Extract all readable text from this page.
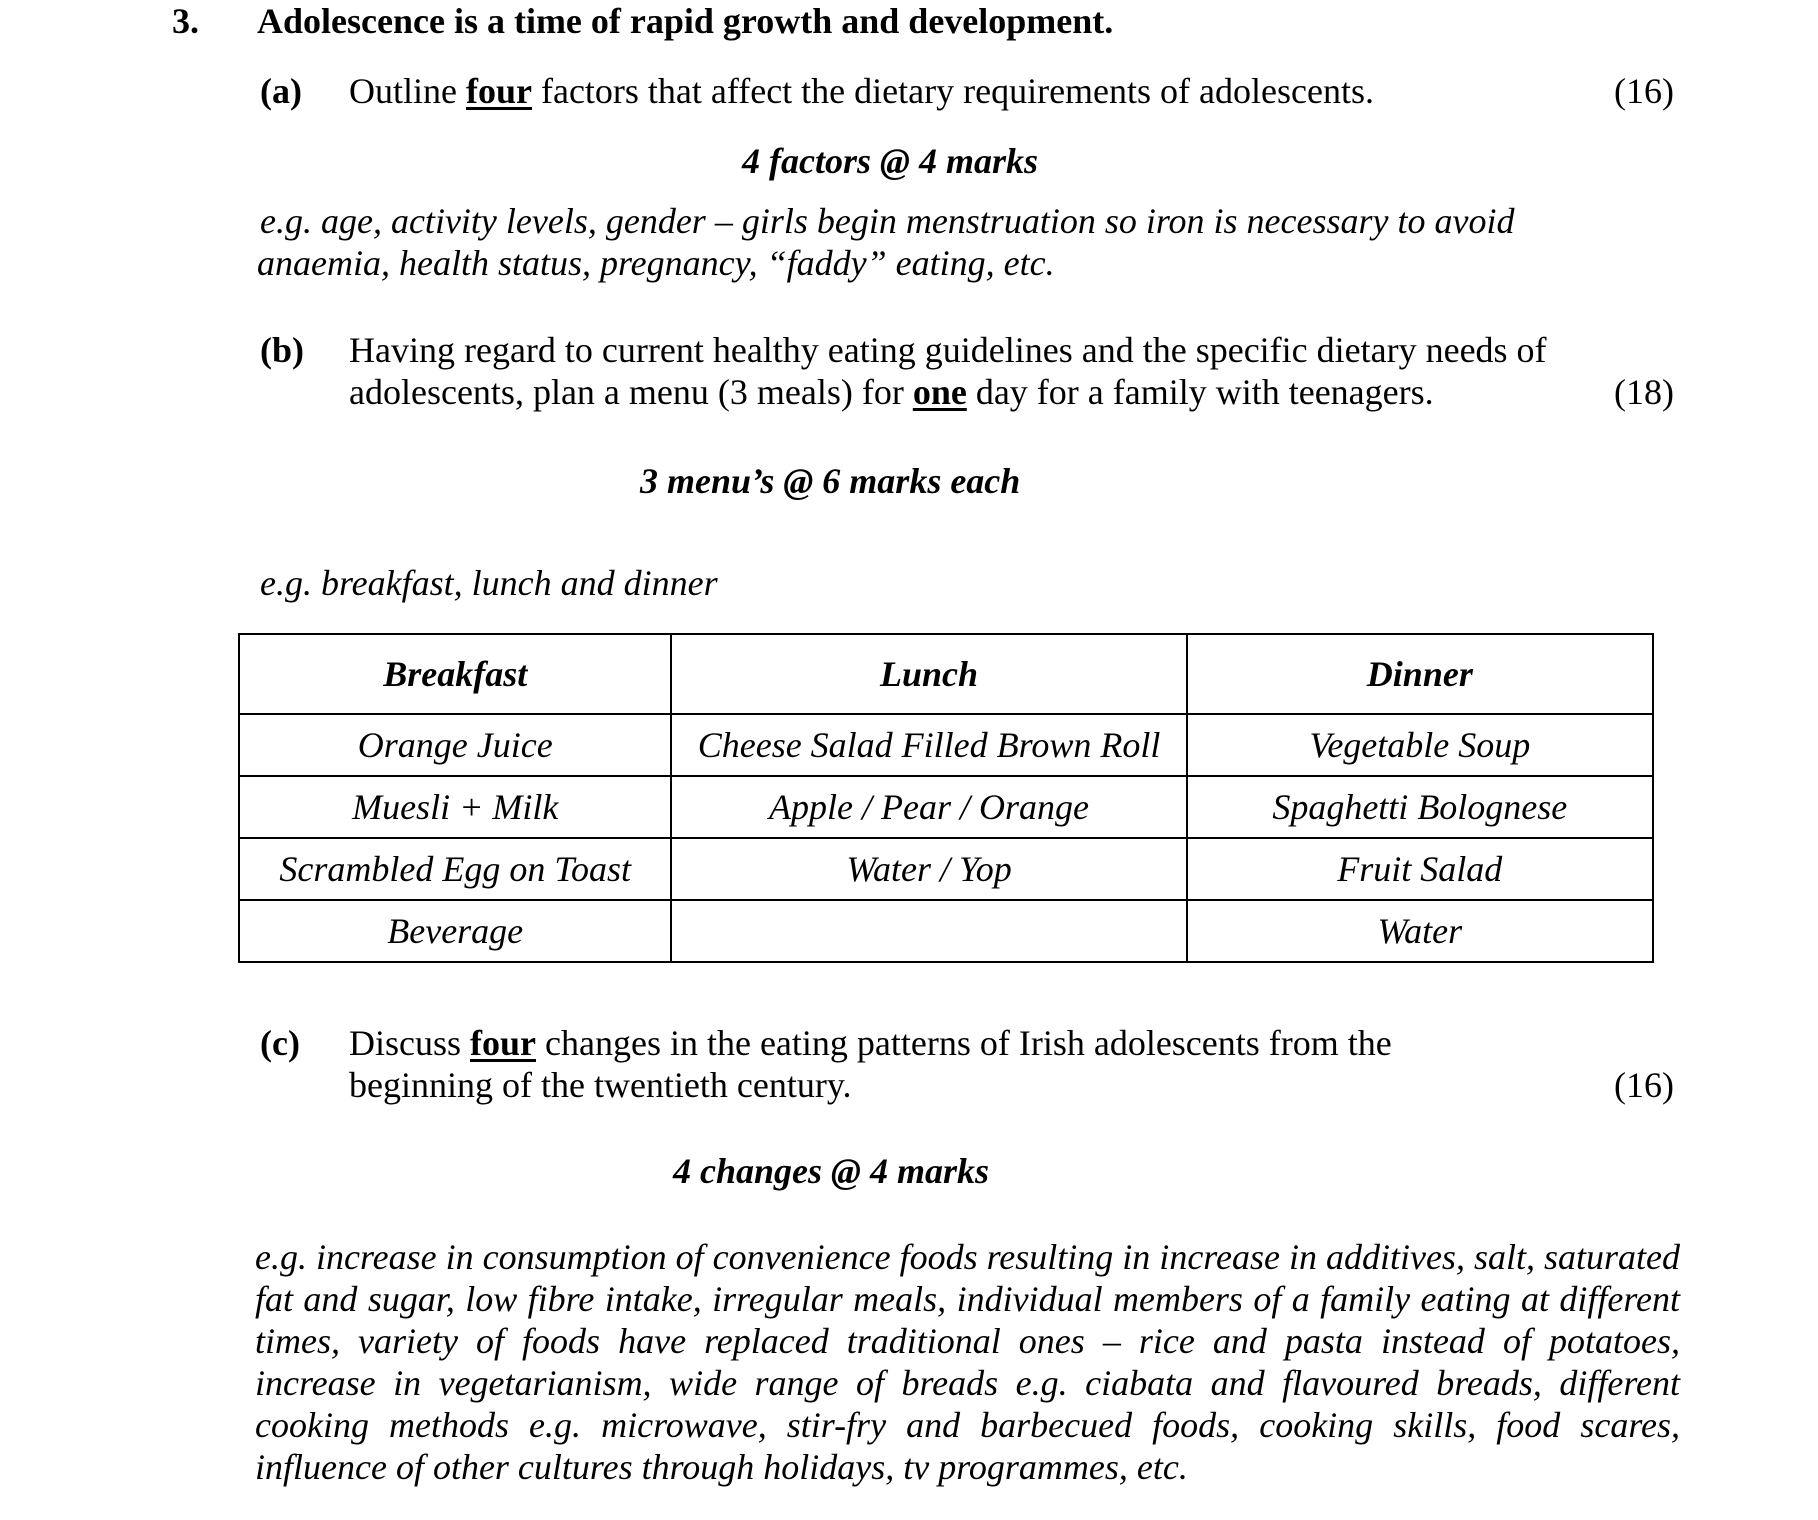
3. Adolescence is a time of rapid growth and development.
(a) Outline four factors that affect the dietary requirements of adolescents.	(16)
4 factors @ 4 marks
e.g. age, activity levels, gender – girls begin menstruation so iron is necessary to avoid
anaemia, health status, pregnancy, “faddy” eating, etc.
(b) Having regard to current healthy eating guidelines and the specific dietary needs of
adolescents, plan a menu (3 meals) for one day for a family with teenagers.	(18)
3 menu’s @ 6 marks each
e.g. breakfast, lunch and dinner
Breakfast	Lunch	Dinner
Orange Juice	Cheese Salad Filled Brown Roll	Vegetable Soup
Muesli + Milk	Apple / Pear / Orange	Spaghetti Bolognese
Scrambled Egg on Toast	Water / Yop	Fruit Salad
Beverage		Water
(c) Discuss four changes in the eating patterns of Irish adolescents from the
beginning of the twentieth century.	(16)
4 changes @ 4 marks
e.g. increase in consumption of convenience foods resulting in increase in additives, salt, saturated fat and sugar, low fibre intake, irregular meals, individual members of a family eating at different times, variety of foods have replaced traditional ones – rice and pasta instead of potatoes, increase in vegetarianism, wide range of breads e.g. ciabata and flavoured breads, different cooking methods e.g. microwave, stir-fry and barbecued foods, cooking skills, food scares, influence of other cultures through holidays, tv programmes, etc.
